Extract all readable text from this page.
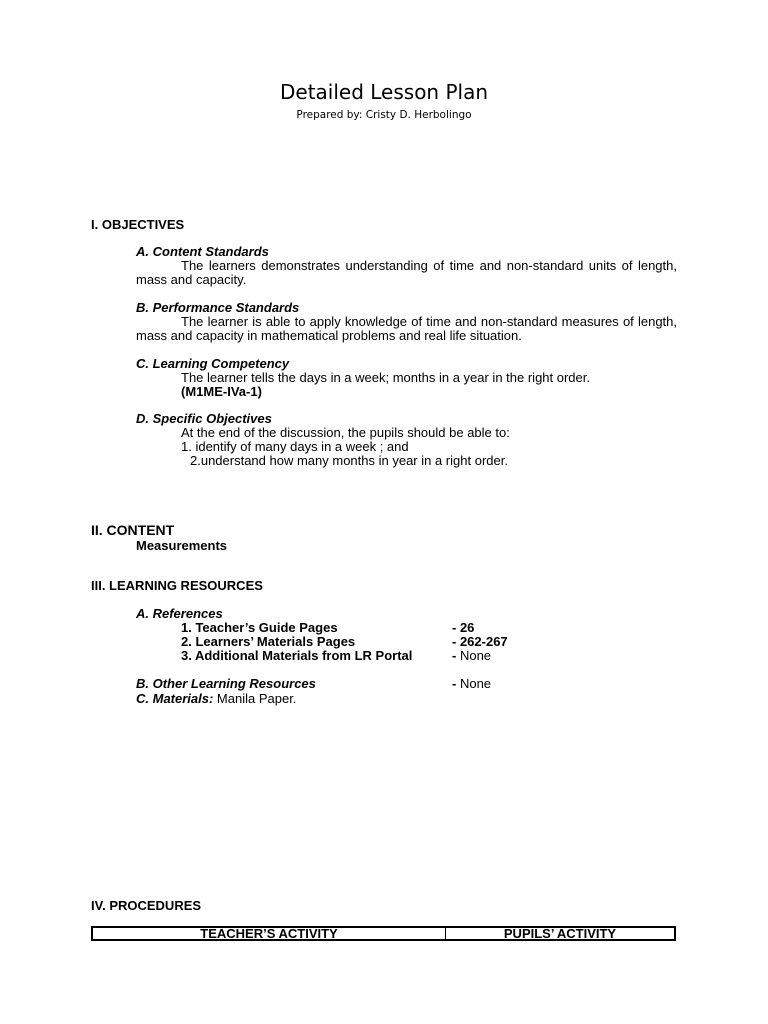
Detailed Lesson Plan
Prepared by: Cristy D. Herbolingo
I. OBJECTIVES
A. Content Standards
The learners demonstrates understanding of time and non-standard units of length, mass and capacity.
B. Performance Standards
The learner is able to apply knowledge of time and non-standard measures of length, mass and capacity in mathematical problems and real life situation.
C. Learning Competency
The learner tells the days in a week; months in a year in the right order.
(M1ME-IVa-1)
D. Specific Objectives
At the end of the discussion, the pupils should be able to:
1. identify of many days in a week ; and
2.understand how many months in year in a right order.
II. CONTENT
Measurements
III. LEARNING RESOURCES
A. References
1. Teacher’s Guide Pages	- 26
2. Learners’ Materials Pages	- 262-267
3. Additional Materials from LR Portal	- None
B. Other Learning Resources	- None
C. Materials: Manila Paper.
IV. PROCEDURES
TEACHER’S ACTIVITY	PUPILS’ ACTIVITY
